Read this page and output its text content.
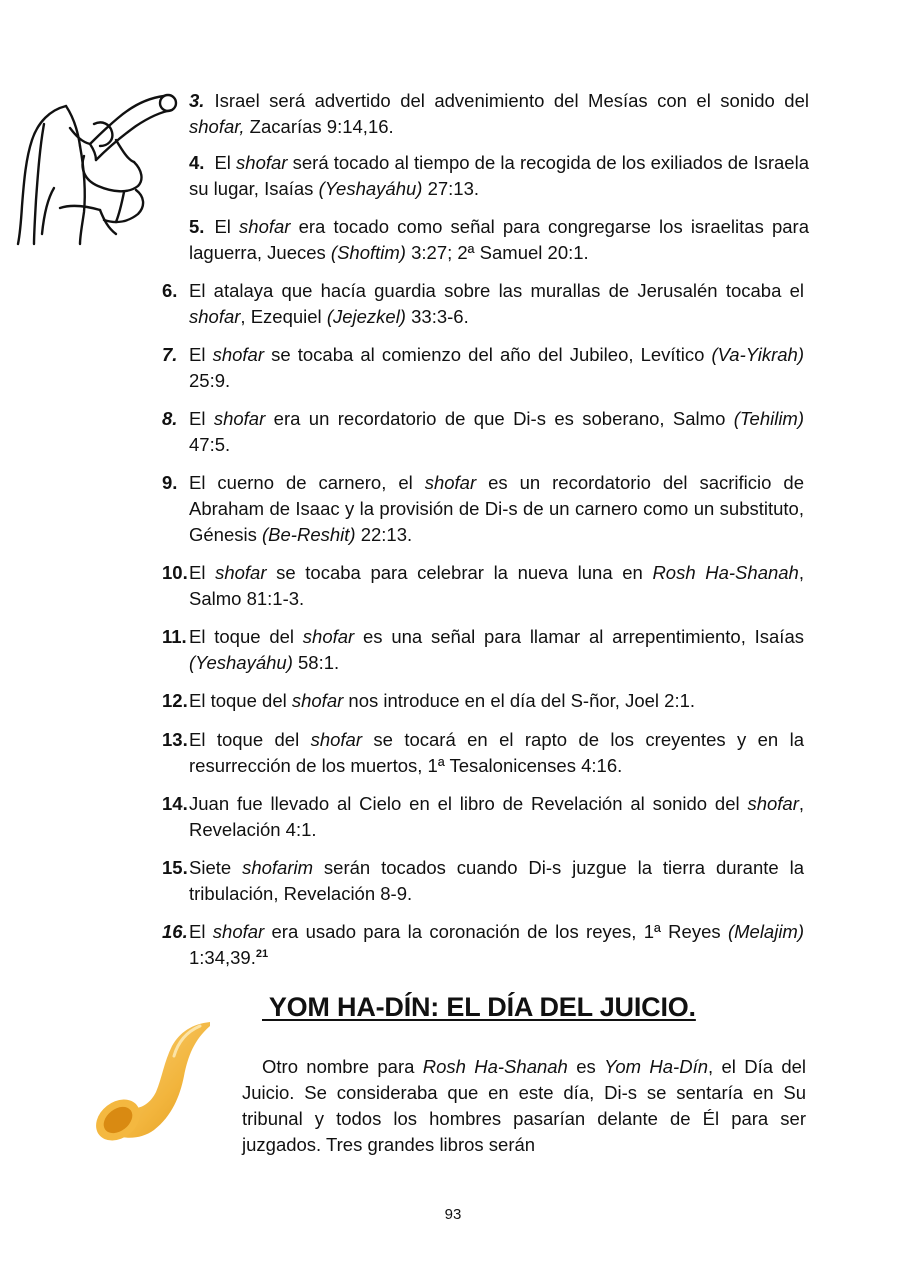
3. Israel será advertido del advenimiento del Mesías con el sonido del shofar, Zacarías 9:14,16.
4. El shofar será tocado al tiempo de la recogida de los exiliados de Israela su lugar, Isaías (Yeshayáhu) 27:13.
5. El shofar era tocado como señal para congregarse los israelitas para laguerra, Jueces (Shoftim) 3:27; 2ª Samuel 20:1.
6. El atalaya que hacía guardia sobre las murallas de Jerusalén tocaba el shofar, Ezequiel (Jejezkel) 33:3-6.
7. El shofar se tocaba al comienzo del año del Jubileo, Levítico (Va-Yikrah) 25:9.
8. El shofar era un recordatorio de que Di-s es soberano, Salmo (Tehilim) 47:5.
9. El cuerno de carnero, el shofar es un recordatorio del sacrificio de Abraham de Isaac y la provisión de Di-s de un carnero como un substituto, Génesis (Be-Reshit) 22:13.
10. El shofar se tocaba para celebrar la nueva luna en Rosh Ha-Shanah, Salmo 81:1-3.
11. El toque del shofar es una señal para llamar al arrepentimiento, Isaías (Yeshayáhu) 58:1.
12. El toque del shofar nos introduce en el día del S-ñor, Joel 2:1.
13. El toque del shofar se tocará en el rapto de los creyentes y en la resurrección de los muertos, 1ª Tesalonicenses 4:16.
14. Juan fue llevado al Cielo en el libro de Revelación al sonido del shofar, Revelación 4:1.
15. Siete shofarim serán tocados cuando Di-s juzgue la tierra durante la tribulación, Revelación 8-9.
16. El shofar era usado para la coronación de los reyes, 1ª Reyes (Melajim) 1:34,39.21
YOM HA-DÍN: EL DÍA DEL JUICIO.
Otro nombre para Rosh Ha-Shanah es Yom Ha-Dín, el Día del Juicio. Se consideraba que en este día, Di-s se sentaría en Su tribunal y todos los hombres pasarían delante de Él para ser juzgados. Tres grandes libros serán
93
